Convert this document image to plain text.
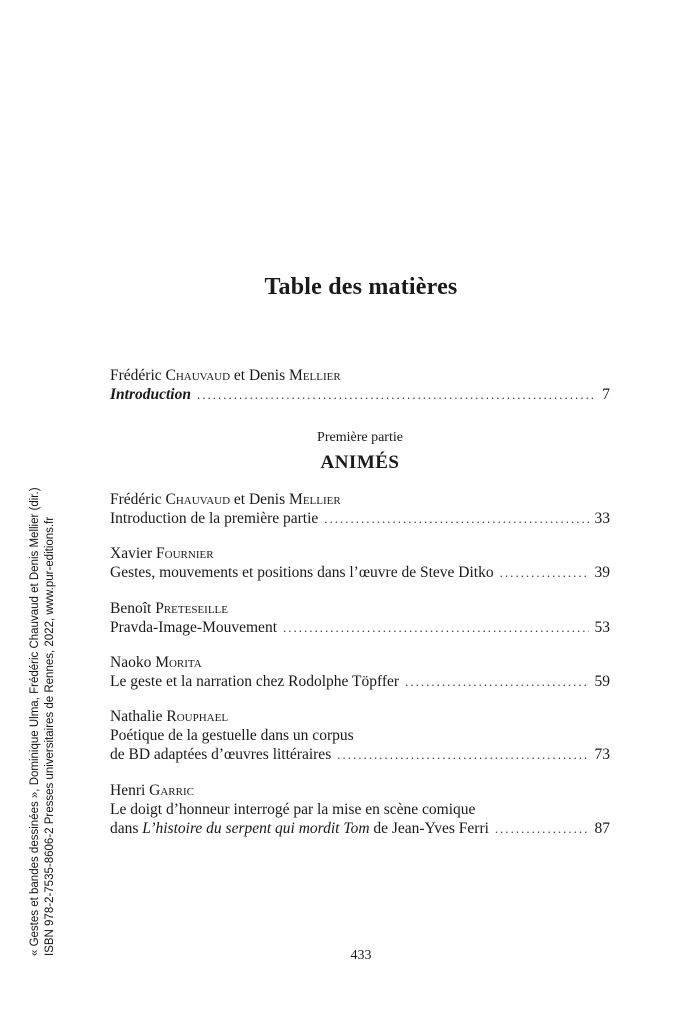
Table des matières
Frédéric Chauvaud et Denis Mellier
Introduction .....	7
Première partie
ANIMÉS
Frédéric Chauvaud et Denis Mellier
Introduction de la première partie .....	33
Xavier Fournier
Gestes, mouvements et positions dans l’œuvre de Steve Ditko .....	39
Benoît Preteseille
Pravda-Image-Mouvement .....	53
Naoko Morita
Le geste et la narration chez Rodolphe Töpffer .....	59
Nathalie Rouphael
Poétique de la gestuelle dans un corpus
de BD adaptées d’œuvres littéraires .....	73
Henri Garric
Le doigt d’honneur interrogé par la mise en scène comique
dans L’histoire du serpent qui mordit Tom de Jean-Yves Ferri .....	87
« Gestes et bandes dessinées », Dominique Ulma, Frédéric Chauvaud et Denis Mellier (dir.) ISBN 978-2-7535-8606-2 Presses universitaires de Rennes, 2022, www.pur-editions.fr	433
